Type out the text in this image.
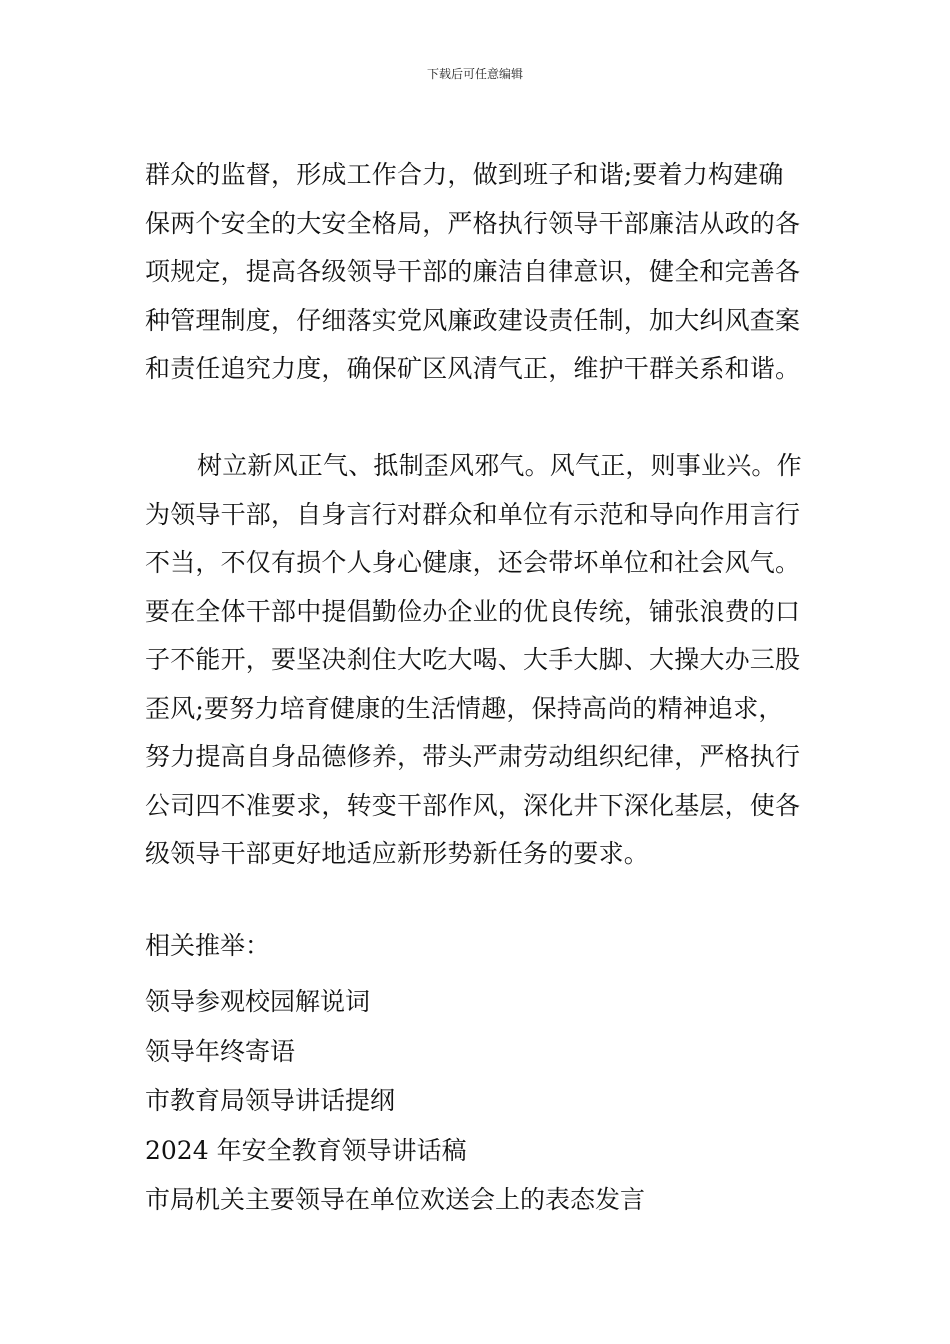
下载后可任意编辑

群众的监督，形成工作合力，做到班子和谐;要着力构建确保两个安全的大安全格局，严格执行领导干部廉洁从政的各项规定，提高各级领导干部的廉洁自律意识，健全和完善各种管理制度，仔细落实党风廉政建设责任制，加大纠风查案和责任追究力度，确保矿区风清气正，维护干群关系和谐。

树立新风正气、抵制歪风邪气。风气正，则事业兴。作为领导干部，自身言行对群众和单位有示范和导向作用言行不当，不仅有损个人身心健康，还会带坏单位和社会风气。要在全体干部中提倡勤俭办企业的优良传统，铺张浪费的口子不能开，要坚决刹住大吃大喝、大手大脚、大操大办三股歪风;要努力培育健康的生活情趣，保持高尚的精神追求，努力提高自身品德修养，带头严肃劳动组织纪律，严格执行公司四不准要求，转变干部作风，深化井下深化基层，使各级领导干部更好地适应新形势新任务的要求。

相关推举：
领导参观校园解说词
领导年终寄语
市教育局领导讲话提纲
2024 年安全教育领导讲话稿
市局机关主要领导在单位欢送会上的表态发言
